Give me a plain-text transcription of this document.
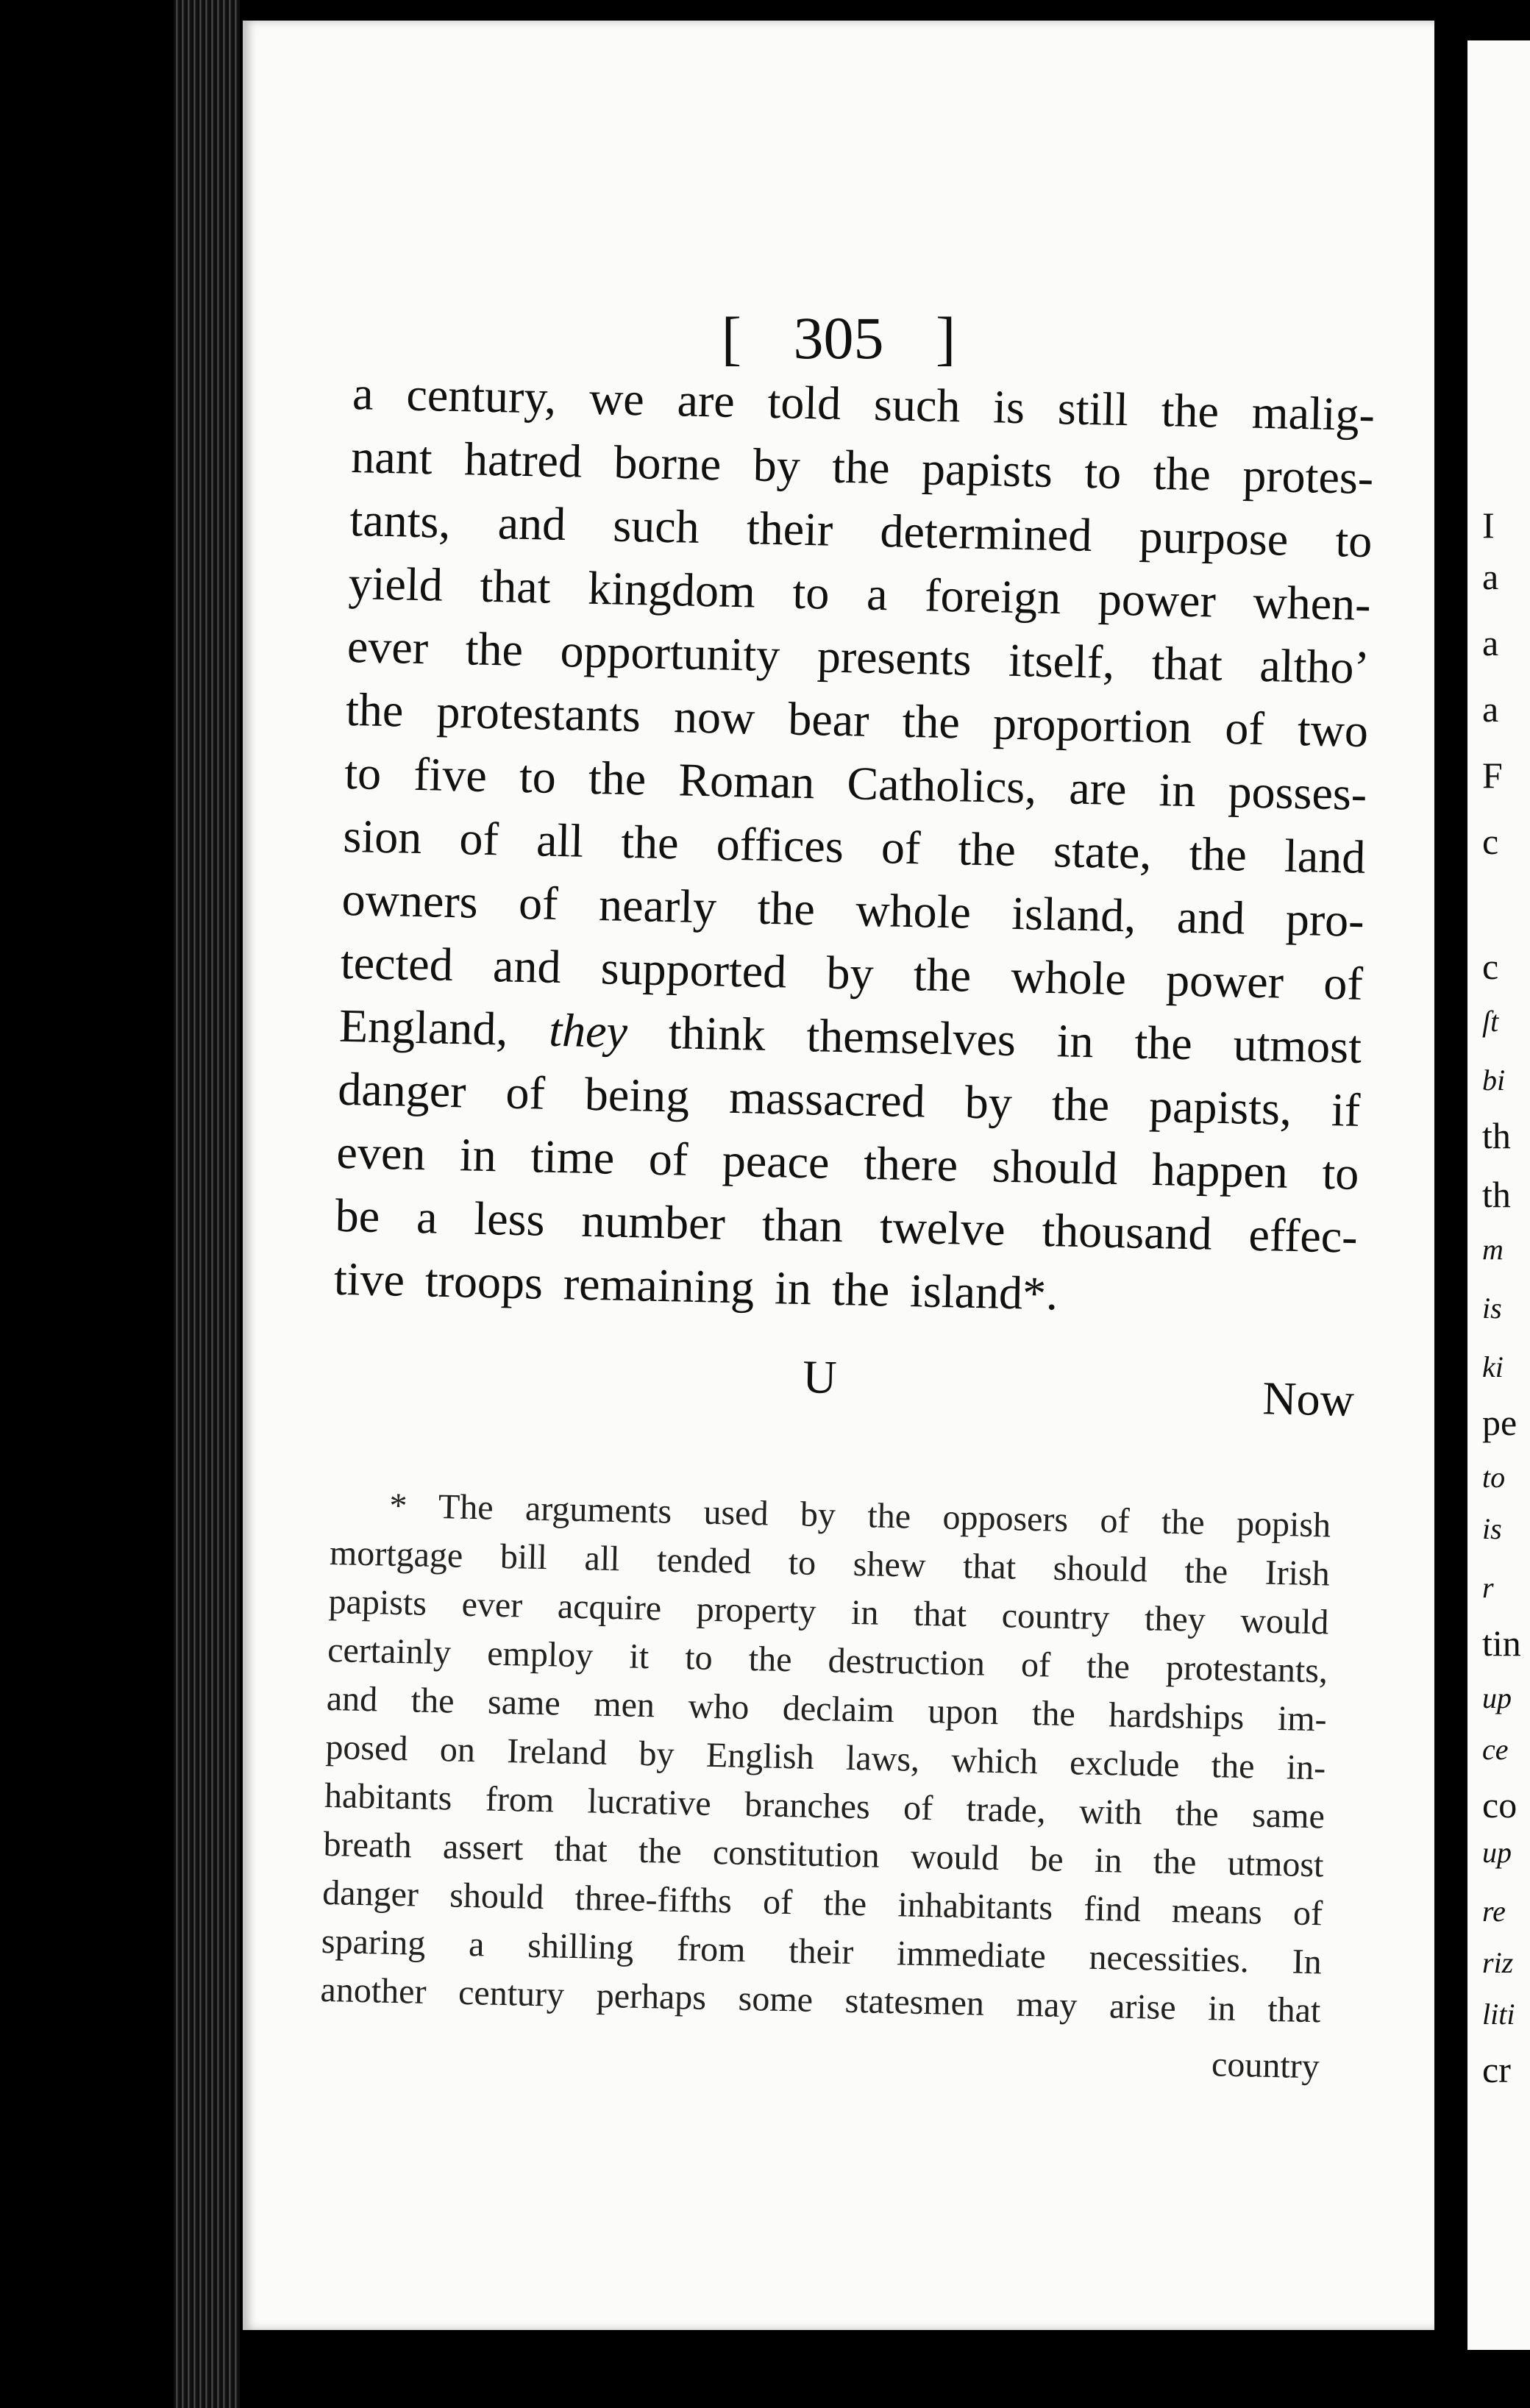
[ 305 ]
a century, we are told such is still the malig-
nant hatred borne by the papists to the protes-
tants, and such their determined purpose to
yield that kingdom to a foreign power when-
ever the opportunity presents itself, that altho’
the protestants now bear the proportion of two
to five to the Roman Catholics, are in posses-
sion of all the offices of the state, the land
owners of nearly the whole island, and pro-
tected and supported by the whole power of
England, they think themselves in the utmost
danger of being massacred by the papists, if
even in time of peace there should happen to
be a less number than twelve thousand effec-
tive troops remaining in the island*.
U	Now
* The arguments used by the opposers of the popish
mortgage bill all tended to shew that should the Irish
papists ever acquire property in that country they would
certainly employ it to the destruction of the protestants,
and the same men who declaim upon the hardships im-
posed on Ireland by English laws, which exclude the in-
habitants from lucrative branches of trade, with the same
breath assert that the constitution would be in the utmost
danger should three-fifths of the inhabitants find means of
sparing a shilling from their immediate necessities. In
another century perhaps some statesmen may arise in that
country
I
a
a
a
F
c
c
ſt
bi
th
th
m
is
ki
pe
to
is
r
tin
up
ce
co
up
re
riz
liti
cr
